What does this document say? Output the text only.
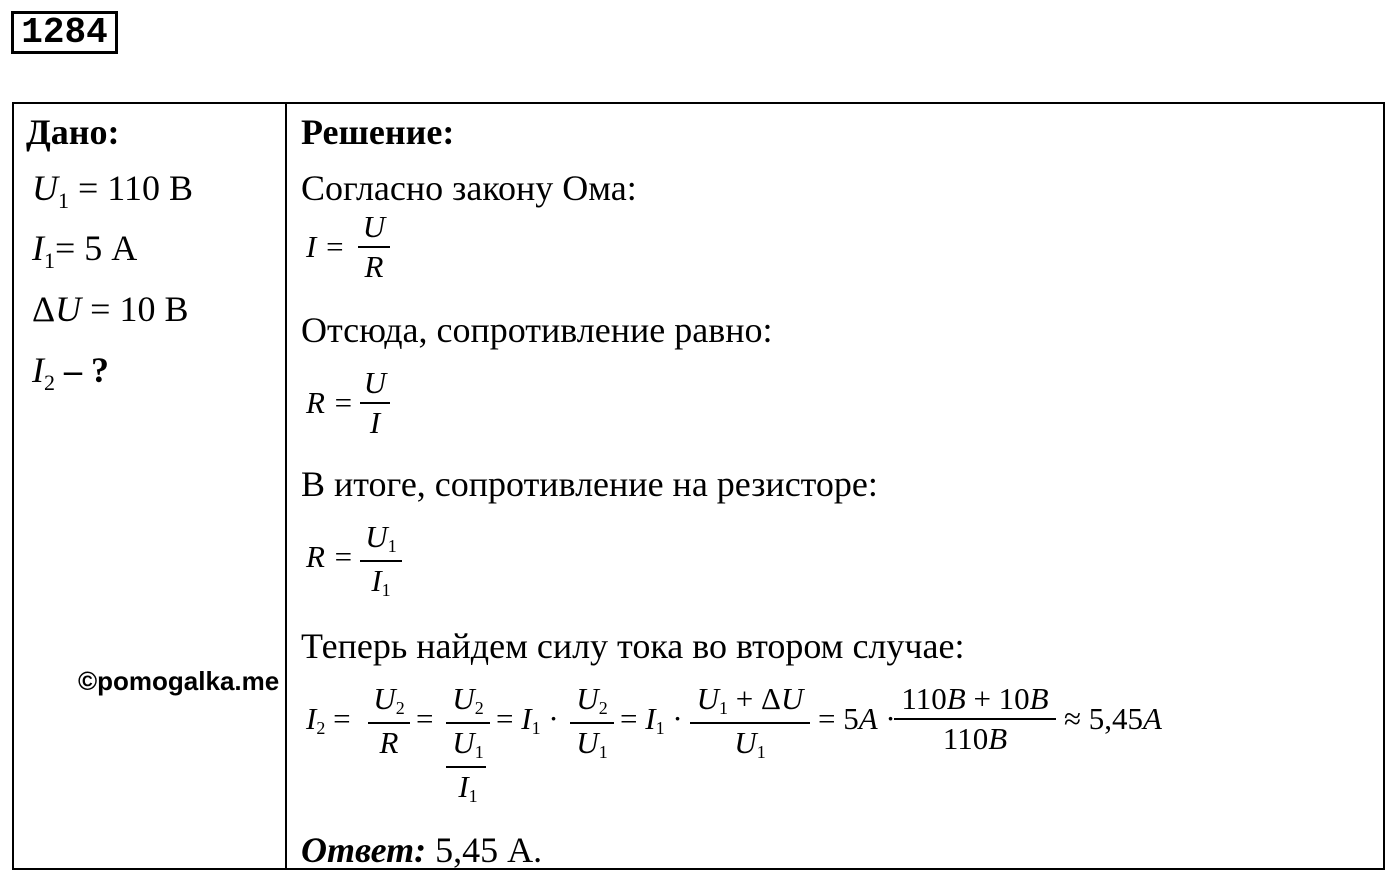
1284
Дано:
$U_1 = 110$ В
$I_1= 5$ А
ΔU = 10 В
$I_2$ – ?
Решение:
Согласно закону Ома:
I =
U
R
Отсюда, сопротивление равно:
R =
U
I
В итоге, сопротивление на резисторе:
R =
U1
I1
Теперь найдем силу тока во втором случае:
I2 =
U2
R
=
U2
U1
I1
= I1 ·
U2
U1
= I1 ·
U1 + ΔU
U1
= 5A ·
110B + 10B
110B
≈ 5,45A
Ответ: 5,45 А.
©pomogalka.me
